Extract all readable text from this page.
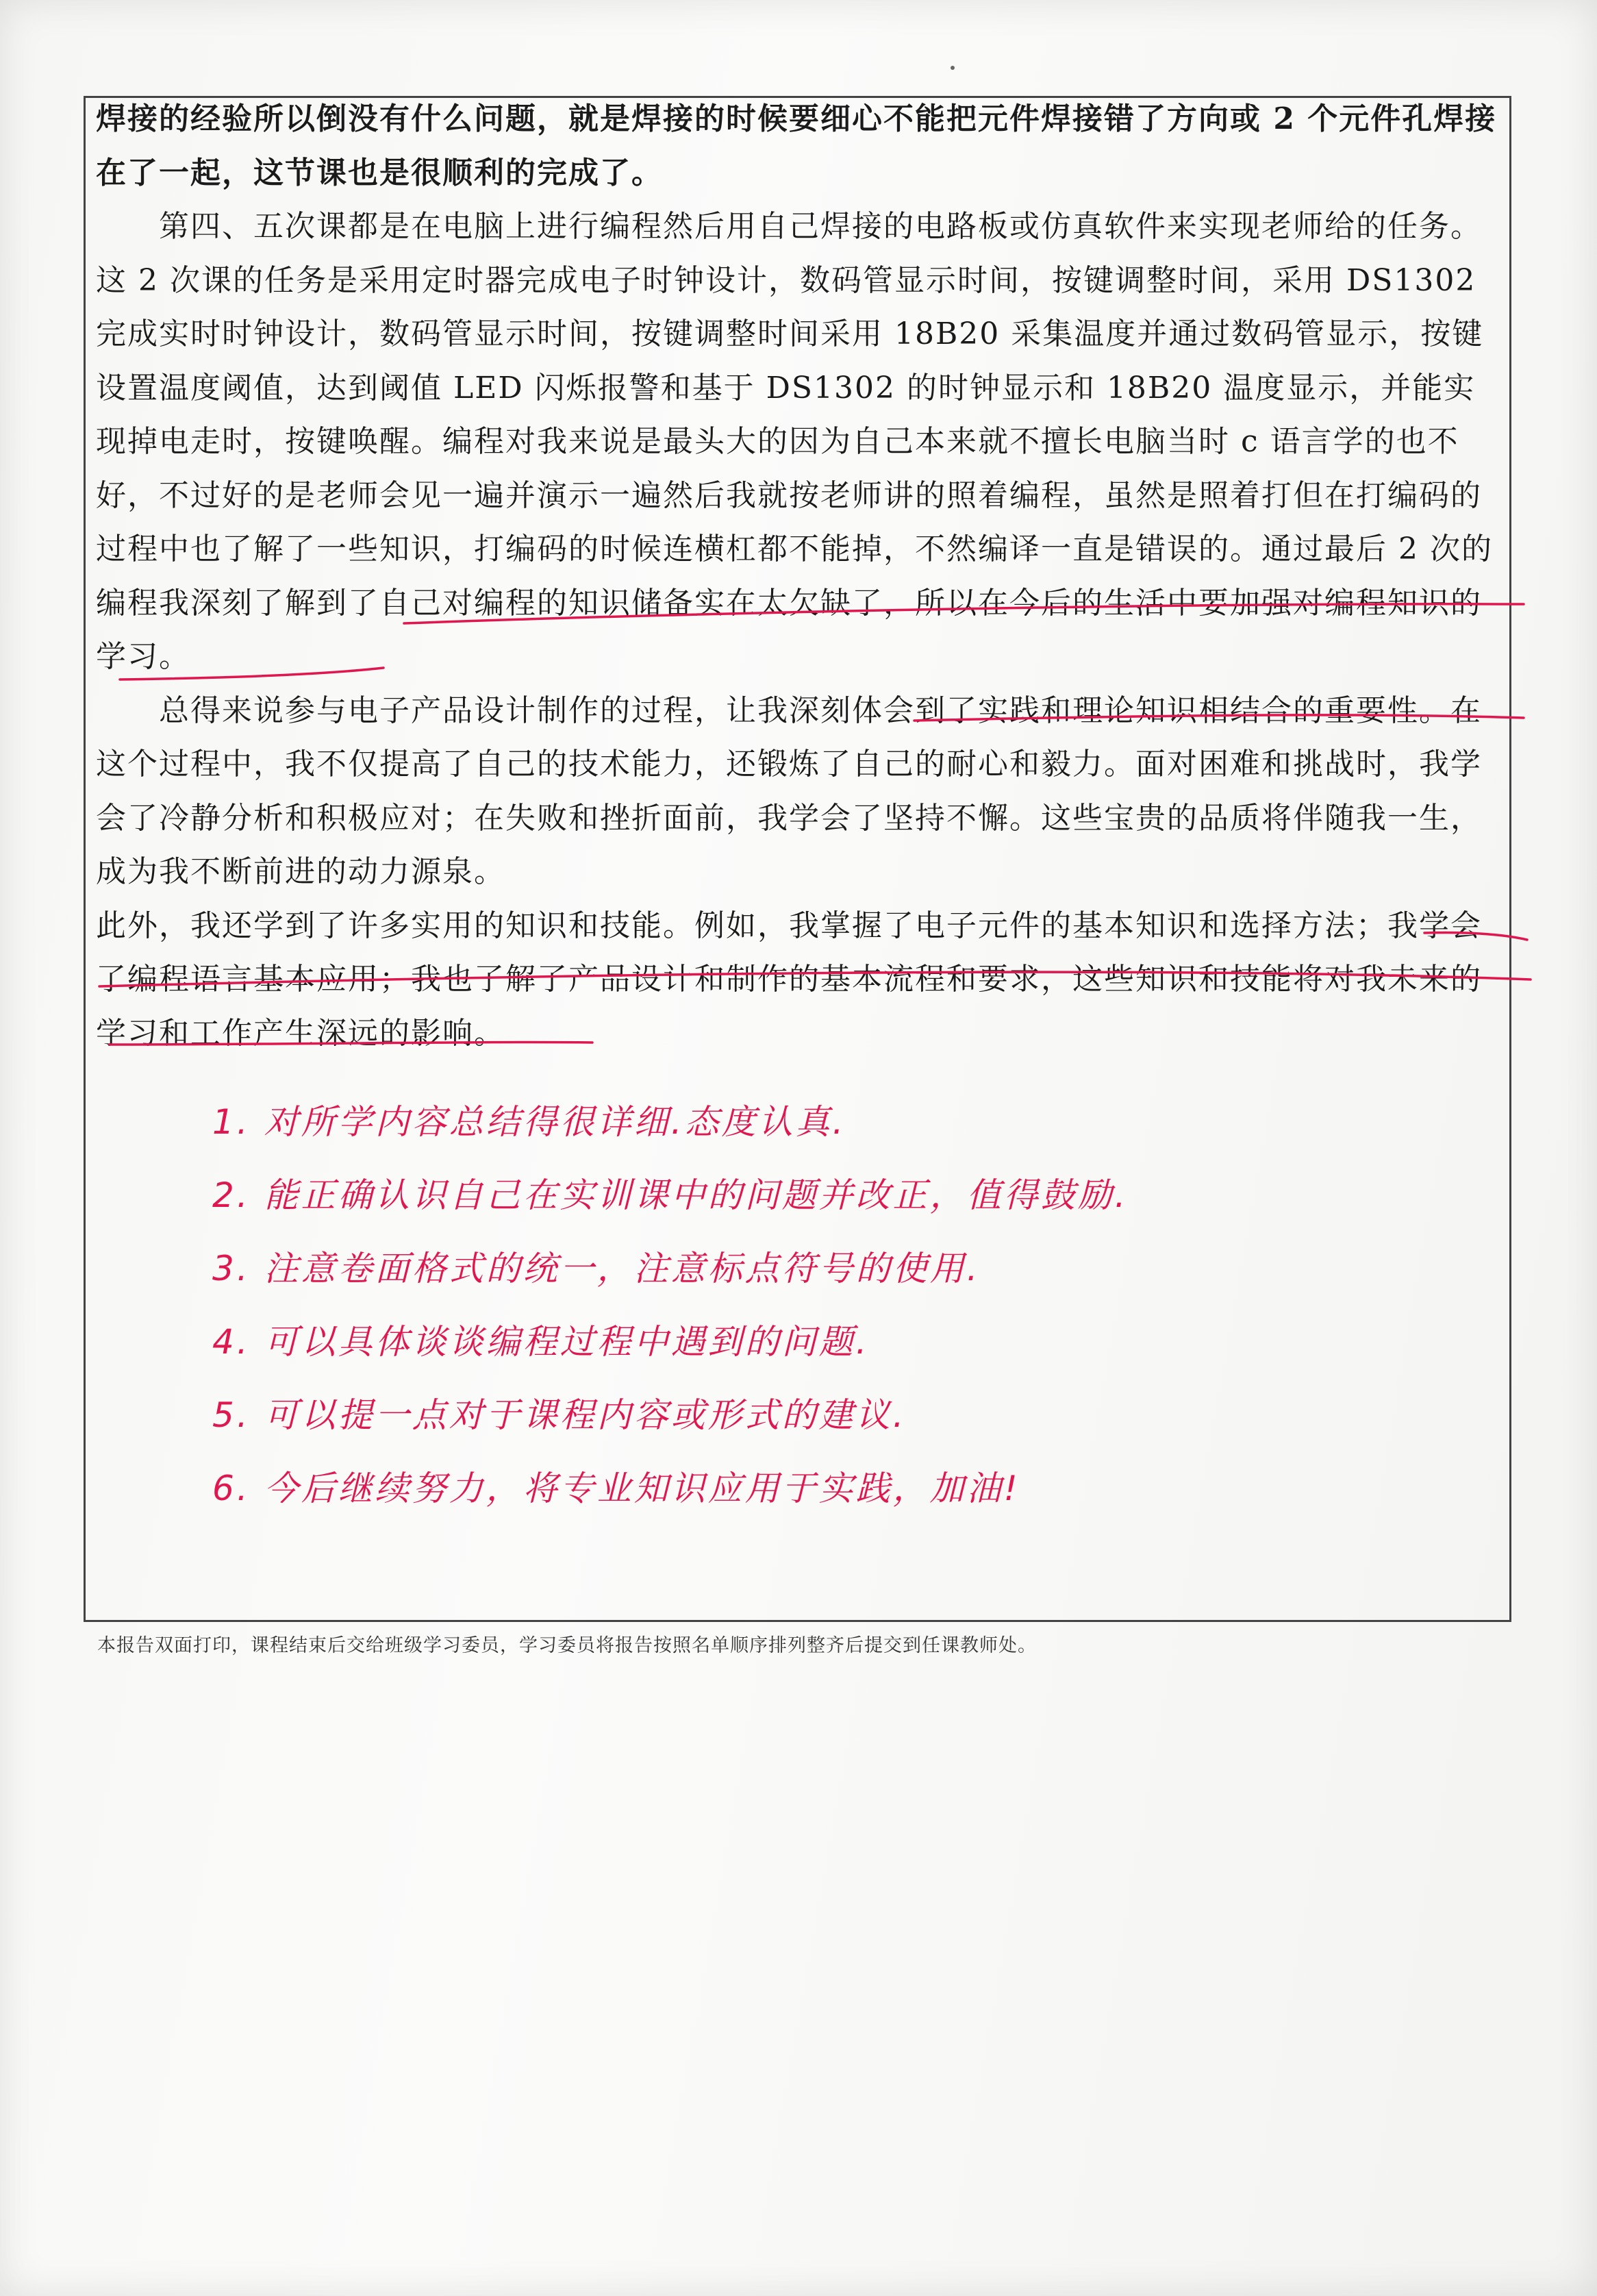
焊接的经验所以倒没有什么问题，就是焊接的时候要细心不能把元件焊接错了方向或 2 个元件孔焊接在了一起，这节课也是很顺利的完成了。

第四、五次课都是在电脑上进行编程然后用自己焊接的电路板或仿真软件来实现老师给的任务。这 2 次课的任务是采用定时器完成电子时钟设计，数码管显示时间，按键调整时间，采用 DS1302 完成实时时钟设计，数码管显示时间，按键调整时间采用 18B20 采集温度并通过数码管显示，按键设置温度阈值，达到阈值 LED 闪烁报警和基于 DS1302 的时钟显示和 18B20 温度显示，并能实现掉电走时，按键唤醒。编程对我来说是最头大的因为自己本来就不擅长电脑当时 c 语言学的也不好，不过好的是老师会见一遍并演示一遍然后我就按老师讲的照着编程，虽然是照着打但在打编码的过程中也了解了一些知识，打编码的时候连横杠都不能掉，不然编译一直是错误的。通过最后 2 次的编程我深刻了解到了自己对编程的知识储备实在太欠缺了，所以在今后的生活中要加强对编程知识的学习。

总得来说参与电子产品设计制作的过程，让我深刻体会到了实践和理论知识相结合的重要性。在这个过程中，我不仅提高了自己的技术能力，还锻炼了自己的耐心和毅力。面对困难和挑战时，我学会了冷静分析和积极应对；在失败和挫折面前，我学会了坚持不懈。这些宝贵的品质将伴随我一生，成为我不断前进的动力源泉。

此外，我还学到了许多实用的知识和技能。例如，我掌握了电子元件的基本知识和选择方法；我学会了编程语言基本应用；我也了解了产品设计和制作的基本流程和要求，这些知识和技能将对我未来的学习和工作产生深远的影响。

1. 对所学内容总结得很详细.态度认真.
2. 能正确认识自己在实训课中的问题并改正，值得鼓励.
3. 注意卷面格式的统一，注意标点符号的使用.
4. 可以具体谈谈编程过程中遇到的问题.
5. 可以提一点对于课程内容或形式的建议.
6. 今后继续努力，将专业知识应用于实践，加油!
本报告双面打印，课程结束后交给班级学习委员，学习委员将报告按照名单顺序排列整齐后提交到任课教师处。
